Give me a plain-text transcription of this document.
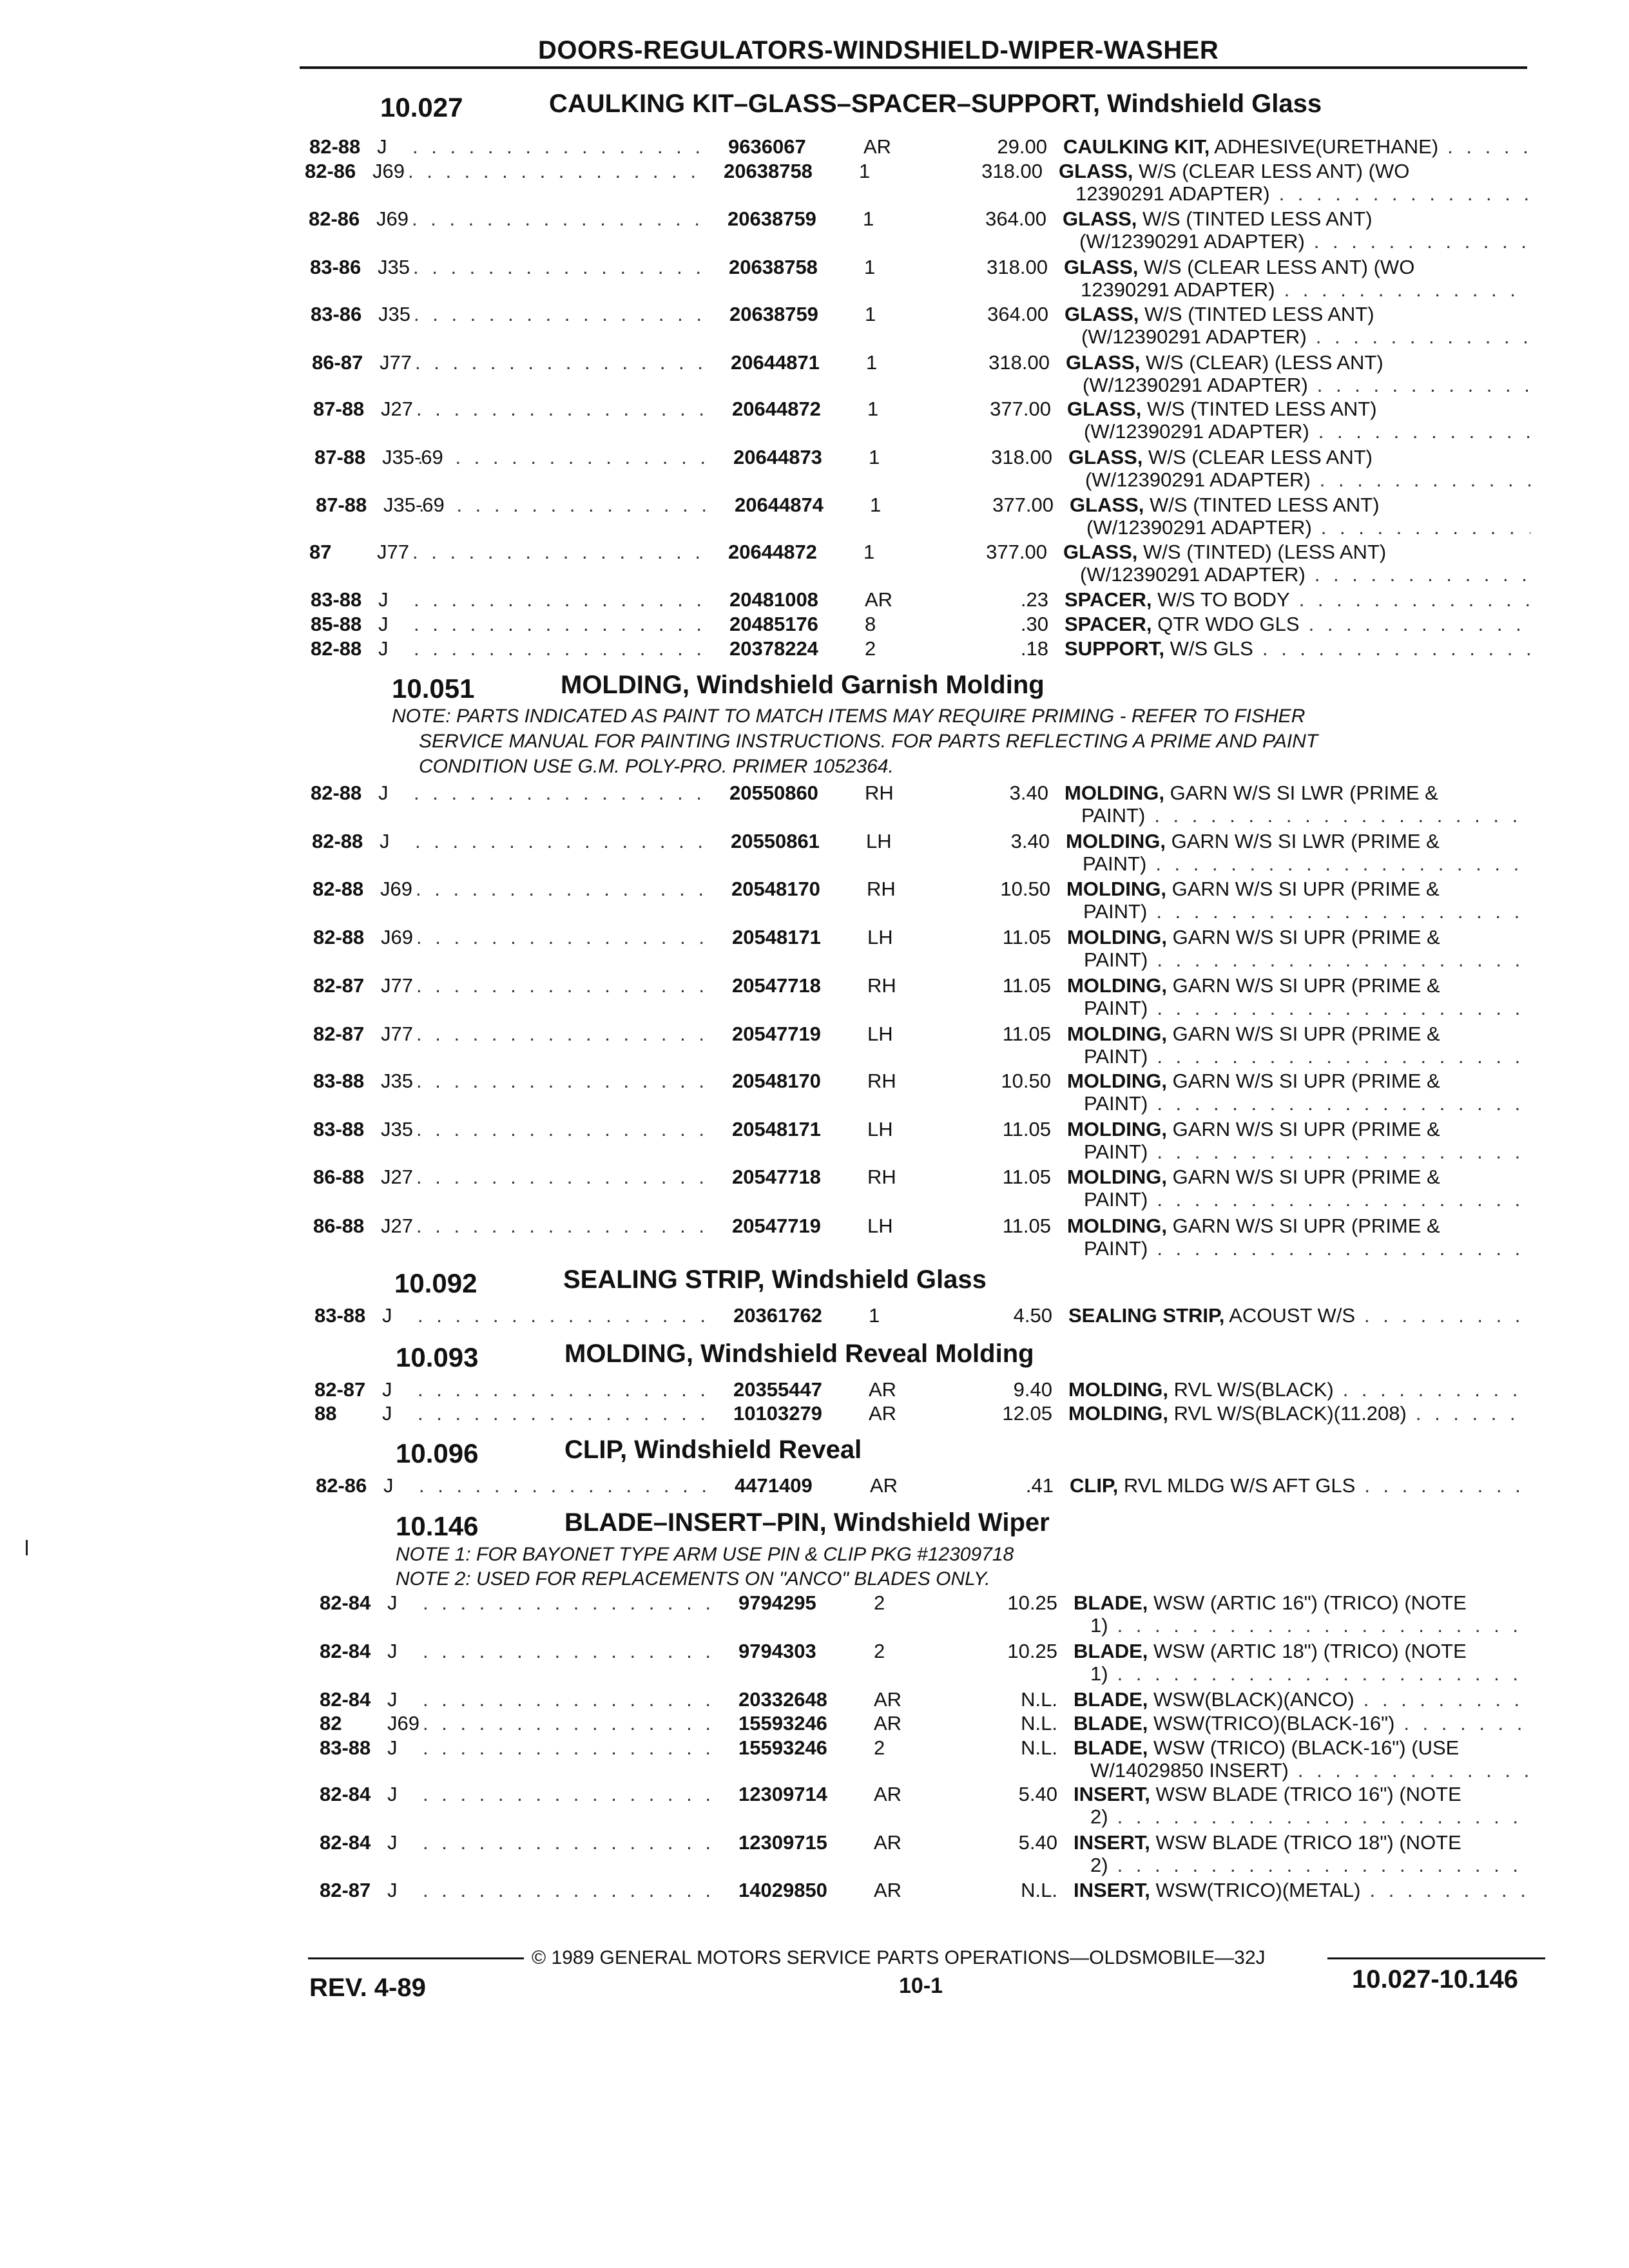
DOORS-REGULATORS-WINDSHIELD-WIPER-WASHER
10.027	CAULKING KIT–GLASS–SPACER–SUPPORT, Windshield Glass
82-88 J . . .	9636067	AR	29.00 CAULKING KIT, ADHESIVE(URETHANE)
. . .
82-86 J69 . . .	20638758 1	318.00 GLASS, W/S (CLEAR LESS ANT) (WO
12390291 ADAPTER)
. . .
82-86 J69 . . .	20638759 1	364.00 GLASS, W/S (TINTED LESS ANT)
(W/12390291 ADAPTER)
. . .
83-86 J35 . . .	20638758 1	318.00 GLASS, W/S (CLEAR LESS ANT) (WO
12390291 ADAPTER)
. . .
83-86 J35 . . .	20638759 1	364.00 GLASS, W/S (TINTED LESS ANT)
(W/12390291 ADAPTER)
. . .
86-87 J77 . . .	20644871 1	318.00 GLASS, W/S (CLEAR) (LESS ANT)
(W/12390291 ADAPTER)
. . .
87-88 J27 . . .	20644872 1	377.00 GLASS, W/S (TINTED LESS ANT)
(W/12390291 ADAPTER)
. . .
87-88 J35-69 . . .	20644873 1	318.00 GLASS, W/S (CLEAR LESS ANT)
(W/12390291 ADAPTER)
. . .
87-88 J35-69 . . .	20644874 1	377.00 GLASS, W/S (TINTED LESS ANT)
(W/12390291 ADAPTER)
. . .
87 J77 . . .	20644872 1	377.00 GLASS, W/S (TINTED) (LESS ANT)
(W/12390291 ADAPTER)
. . .
83-88 J . . .	20481008 AR	.23 SPACER, W/S TO BODY
. . .
85-88 J . . .	20485176 8	.30 SPACER, QTR WDO GLS
. . .
82-88 J . . .	20378224 2	.18 SUPPORT, W/S GLS
. . .
10.051	MOLDING, Windshield Garnish Molding
NOTE: PARTS INDICATED AS PAINT TO MATCH ITEMS MAY REQUIRE PRIMING - REFER TO FISHER
SERVICE MANUAL FOR PAINTING INSTRUCTIONS. FOR PARTS REFLECTING A PRIME AND PAINT
CONDITION USE G.M. POLY-PRO. PRIMER 1052364.
82-88 J . . .	20550860 RH	3.40 MOLDING, GARN W/S SI LWR (PRIME &
PAINT)
. . .
82-88 J . . .	20550861 LH	3.40 MOLDING, GARN W/S SI LWR (PRIME &
PAINT)
. . .
82-88 J69 . . .	20548170 RH	10.50 MOLDING, GARN W/S SI UPR (PRIME &
PAINT)
. . .
82-88 J69 . . .	20548171 LH	11.05 MOLDING, GARN W/S SI UPR (PRIME &
PAINT)
. . .
82-87 J77 . . .	20547718 RH	11.05 MOLDING, GARN W/S SI UPR (PRIME &
PAINT)
. . .
82-87 J77 . . .	20547719 LH	11.05 MOLDING, GARN W/S SI UPR (PRIME &
PAINT)
. . .
83-88 J35 . . .	20548170 RH	10.50 MOLDING, GARN W/S SI UPR (PRIME &
PAINT)
. . .
83-88 J35 . . .	20548171 LH	11.05 MOLDING, GARN W/S SI UPR (PRIME &
PAINT)
. . .
86-88 J27 . . .	20547718 RH	11.05 MOLDING, GARN W/S SI UPR (PRIME &
PAINT)
. . .
86-88 J27 . . .	20547719 LH	11.05 MOLDING, GARN W/S SI UPR (PRIME &
PAINT)
. . .
10.092	SEALING STRIP, Windshield Glass
83-88 J . . .	20361762 1	4.50 SEALING STRIP, ACOUST W/S
. . .
10.093	MOLDING, Windshield Reveal Molding
82-87 J . . .	20355447 AR	9.40 MOLDING, RVL W/S(BLACK)
. . .
88 J . . .	10103279 AR	12.05 MOLDING, RVL W/S(BLACK)(11.208)
. . .
10.096	CLIP, Windshield Reveal
82-86 J . . .	4471409	AR	.41 CLIP, RVL MLDG W/S AFT GLS
. . .
10.146	BLADE–INSERT–PIN, Windshield Wiper
NOTE 1: FOR BAYONET TYPE ARM USE PIN & CLIP PKG #12309718
NOTE 2: USED FOR REPLACEMENTS ON "ANCO" BLADES ONLY.
82-84 J . . .	9794295	2	10.25 BLADE, WSW (ARTIC 16") (TRICO) (NOTE
1)
. . .
82-84 J . . .	9794303	2	10.25 BLADE, WSW (ARTIC 18") (TRICO) (NOTE
1)
. . .
82-84 J . . .	20332648 AR	N.L. BLADE, WSW(BLACK)(ANCO)
. . .
82 J69 . . .	15593246 AR	N.L. BLADE, WSW(TRICO)(BLACK-16")
. . .
83-88 J . . .	15593246 2	N.L. BLADE, WSW (TRICO) (BLACK-16") (USE
W/14029850 INSERT)
. . .
82-84 J . . .	12309714 AR	5.40 INSERT, WSW BLADE (TRICO 16") (NOTE
2)
. . .
82-84 J . . .	12309715 AR	5.40 INSERT, WSW BLADE (TRICO 18") (NOTE
2)
. . .
82-87 J . . .	14029850 AR	N.L. INSERT, WSW(TRICO)(METAL)
. . .
© 1989 GENERAL MOTORS SERVICE PARTS OPERATIONS—OLDSMOBILE—32J
REV. 4-89	10-1	10.027-10.146
